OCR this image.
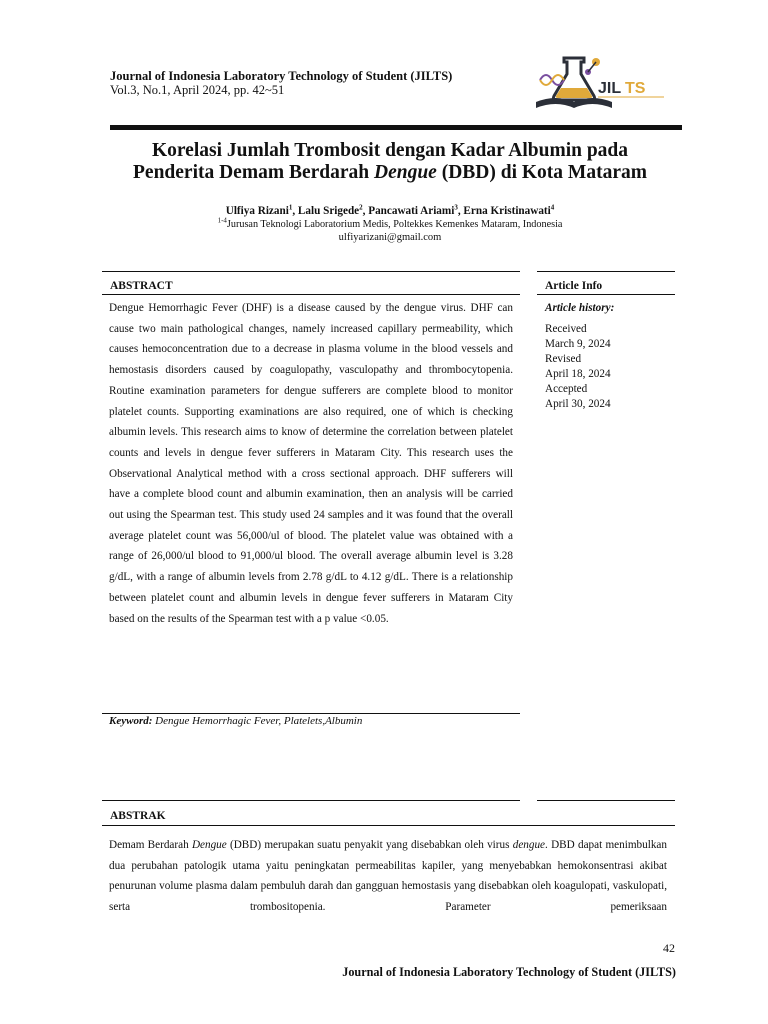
Journal of Indonesia Laboratory Technology of Student (JILTS)
Vol.3, No.1, April 2024, pp. 42~51	JIL TS
Korelasi Jumlah Trombosit dengan Kadar Albumin pada
Penderita Demam Berdarah Dengue (DBD) di Kota Mataram
Ulfiya Rizani$^1$, Lalu Srigede$^2$, Pancawati Ariami$^3$, Erna Kristinawati$^4$
$^{1-4}$Jurusan Teknologi Laboratorium Medis, Poltekkes Kemenkes Mataram, Indonesia
ulfiyarizani@gmail.com
ABSTRACT	Article Info
Dengue Hemorrhagic Fever (DHF) is a disease caused by the dengue virus. DHF can cause two main pathological changes, namely increased capillary permeability, which causes hemoconcentration due to a decrease in plasma volume in the blood vessels and hemostasis disorders caused by coagulopathy, vasculopathy and thrombocytopenia. Routine examination parameters for dengue sufferers are complete blood to monitor platelet counts. Supporting examinations are also required, one of which is checking albumin levels. This research aims to know of determine the correlation between platelet counts and levels in dengue fever sufferers in Mataram City. This research uses the Observational Analytical method with a cross sectional approach. DHF sufferers will have a complete blood count and albumin examination, then an analysis will be carried out using the Spearman test. This study used 24 samples and it was found that the overall average platelet count was 56,000/ul of blood. The platelet value was obtained with a range of 26,000/ul blood to 91,000/ul blood. The overall average albumin level is 3.28 g/dL, with a range of albumin levels from 2.78 g/dL to 4.12 g/dL. There is a relationship between platelet count and albumin levels in dengue fever sufferers in Mataram City based on the results of the Spearman test with a p value <0.05.
Article history:
Received
March 9, 2024
Revised
April 18, 2024
Accepted
April 30, 2024
Keyword: Dengue Hemorrhagic Fever, Platelets,Albumin
ABSTRAK
Demam Berdarah Dengue (DBD) merupakan suatu penyakit yang disebabkan oleh virus dengue. DBD dapat menimbulkan dua perubahan patologik utama yaitu peningkatan permeabilitas kapiler, yang menyebabkan hemokonsentrasi akibat penurunan volume plasma dalam pembuluh darah dan gangguan hemostasis yang disebabkan oleh koagulopati, vaskulopati, serta trombositopenia. Parameter pemeriksaan
42
Journal of Indonesia Laboratory Technology of Student (JILTS)
